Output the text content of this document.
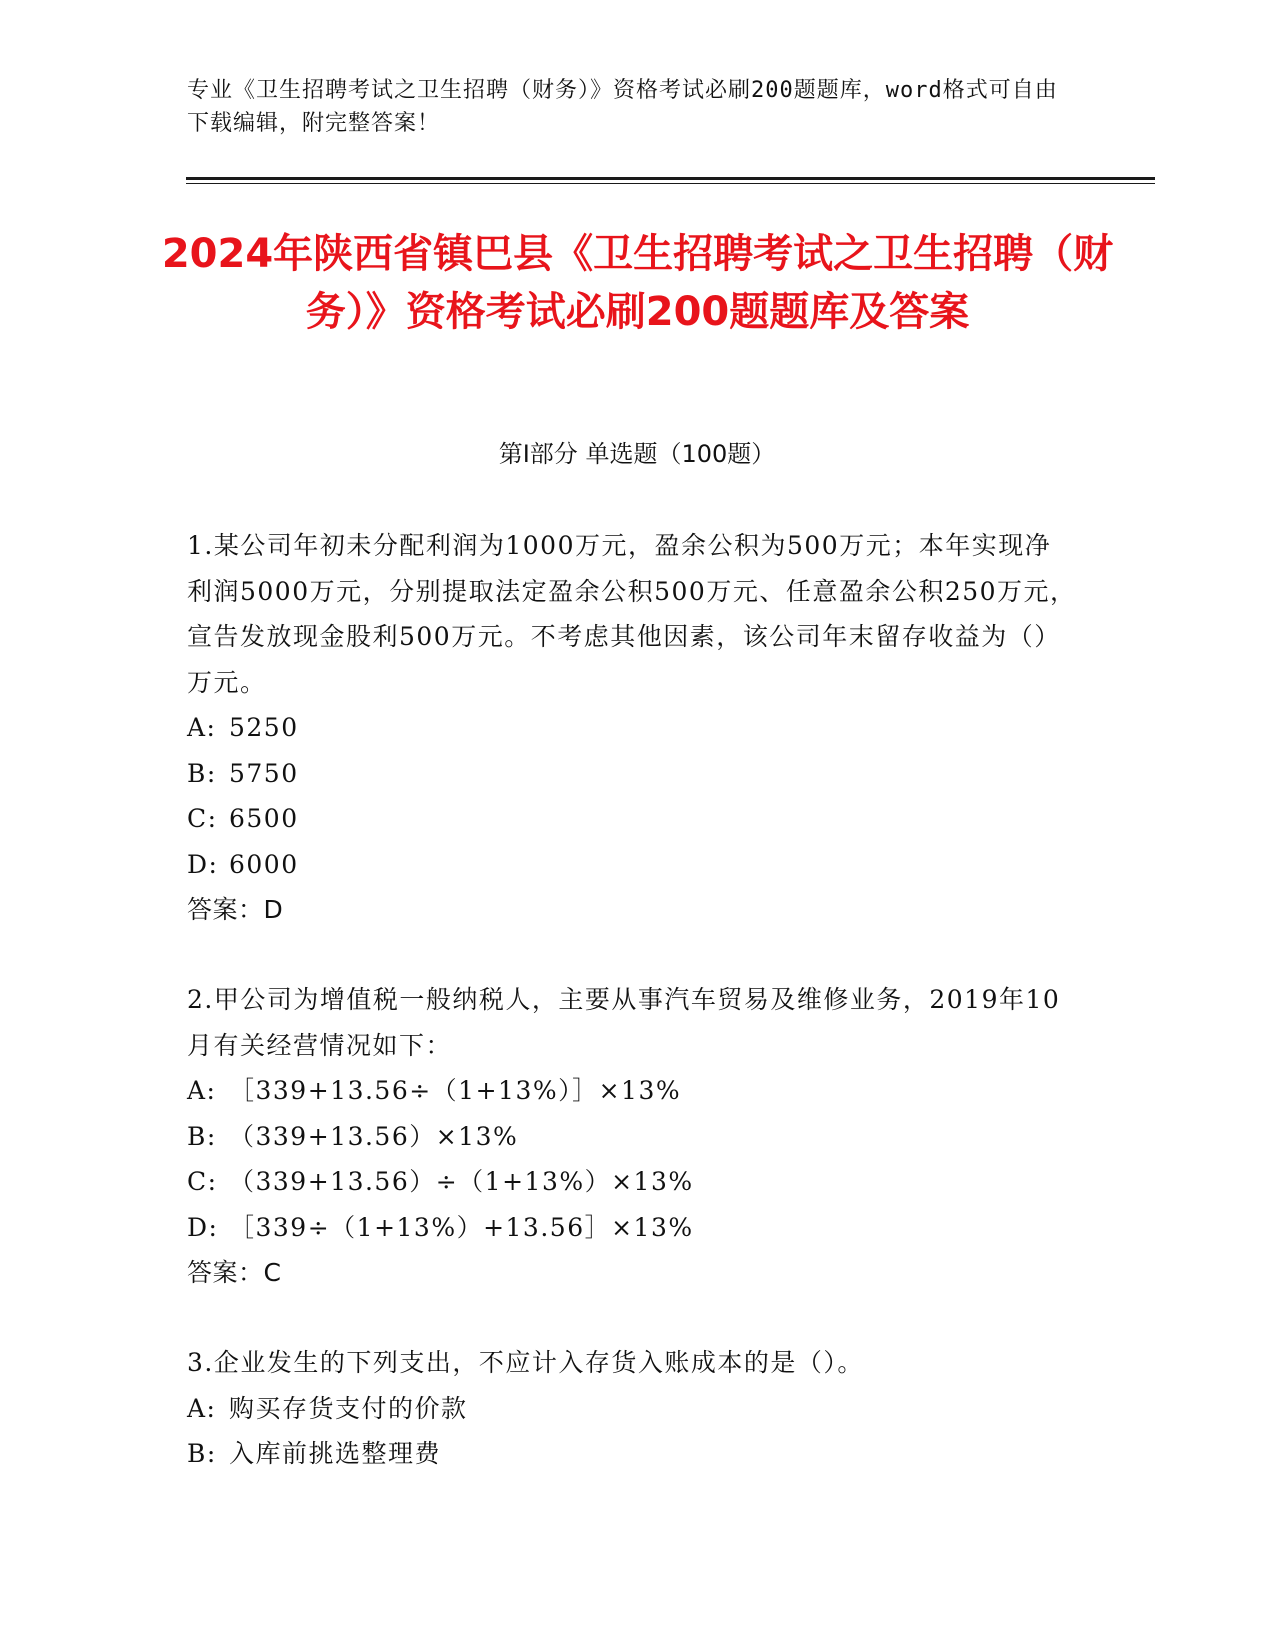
专业《卫生招聘考试之卫生招聘（财务）》资格考试必刷200题题库，word格式可自由下载编辑，附完整答案！
2024年陕西省镇巴县《卫生招聘考试之卫生招聘（财务）》资格考试必刷200题题库及答案
第Ⅰ部分 单选题（100题）

1.某公司年初未分配利润为1000万元，盈余公积为500万元；本年实现净利润5000万元，分别提取法定盈余公积500万元、任意盈余公积250万元，宣告发放现金股利500万元。不考虑其他因素，该公司年末留存收益为（）万元。

A: 5250
B: 5750
C: 6500
D: 6000

答案：D

2.甲公司为增值税一般纳税人，主要从事汽车贸易及维修业务，2019年10月有关经营情况如下：

A: ［339+13.56÷（1+13%）］×13%
B: （339+13.56）×13%
C: （339+13.56）÷（1+13%）×13%
D: ［339÷（1+13%）+13.56］×13%

答案：C

3.企业发生的下列支出，不应计入存货入账成本的是（）。

A: 购买存货支付的价款
B: 入库前挑选整理费
